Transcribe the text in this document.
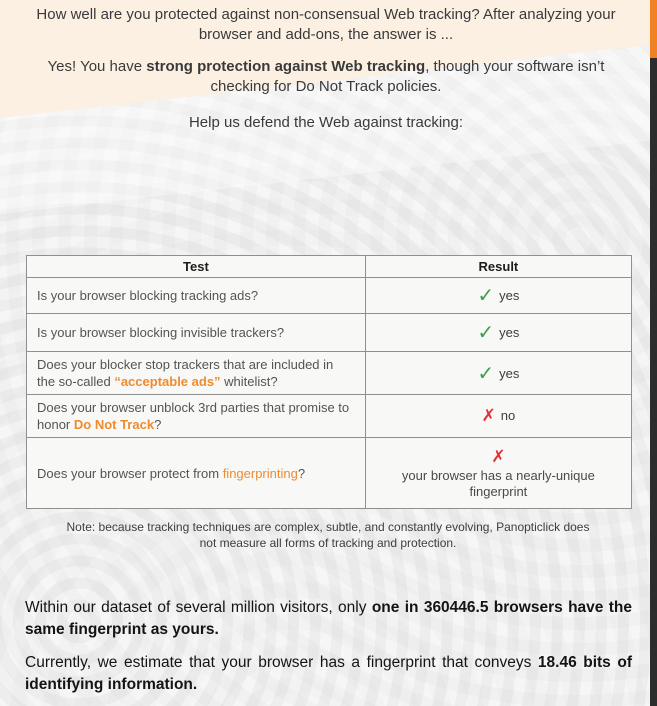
How well are you protected against non-consensual Web tracking? After analyzing your browser and add-ons, the answer is ...

Yes! You have strong protection against Web tracking, though your software isn’t checking for Do Not Track policies.

Help us defend the Web against tracking:

Test	Result
Is your browser blocking tracking ads?	✓ yes
Is your browser blocking invisible trackers?	✓ yes
Does your blocker stop trackers that are included in the so-called “acceptable ads” whitelist?	✓ yes
Does your browser unblock 3rd parties that promise to honor Do Not Track?	✗ no
Does your browser protect from fingerprinting?	✗
your browser has a nearly-unique fingerprint

Note: because tracking techniques are complex, subtle, and constantly evolving, Panopticlick does not measure all forms of tracking and protection.

Within our dataset of several million visitors, only one in 360446.5 browsers have the same fingerprint as yours.

Currently, we estimate that your browser has a fingerprint that conveys 18.46 bits of identifying information.
